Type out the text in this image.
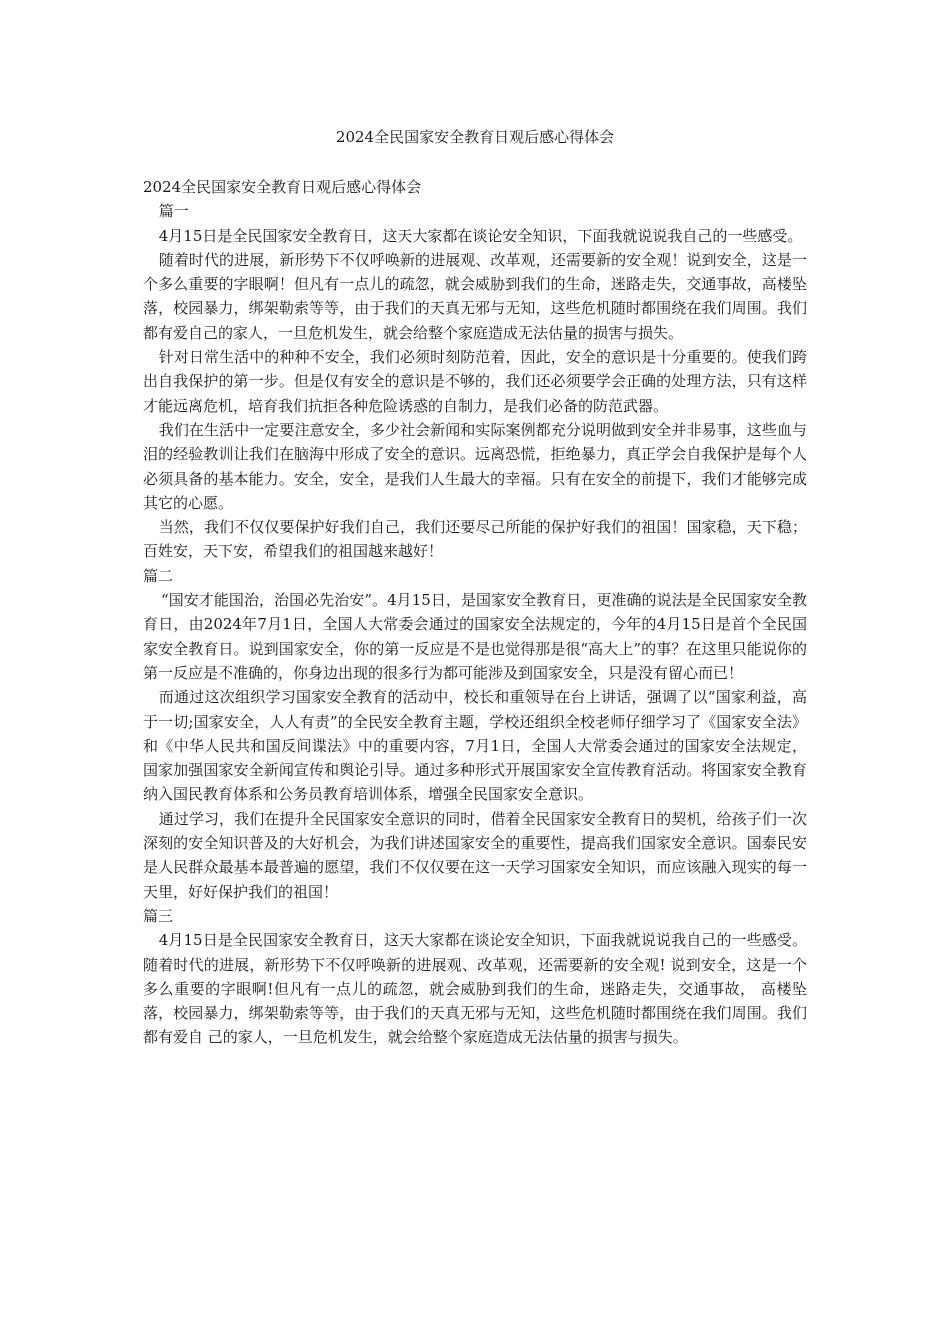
2024全民国家安全教育日观后感心得体会

2024全民国家安全教育日观后感心得体会

篇一

4月15日是全民国家安全教育日，这天大家都在谈论安全知识，下面我就说说我自己的一些感受。

随着时代的进展，新形势下不仅呼唤新的进展观、改革观，还需要新的安全观！说到安全，这是一个多么重要的字眼啊！但凡有一点儿的疏忽，就会威胁到我们的生命，迷路走失，交通事故，高楼坠落，校园暴力，绑架勒索等等，由于我们的天真无邪与无知，这些危机随时都围绕在我们周围。我们都有爱自己的家人，一旦危机发生，就会给整个家庭造成无法估量的损害与损失。

针对日常生活中的种种不安全，我们必须时刻防范着，因此，安全的意识是十分重要的。使我们跨出自我保护的第一步。但是仅有安全的意识是不够的，我们还必须要学会正确的处理方法，只有这样才能远离危机，培育我们抗拒各种危险诱惑的自制力，是我们必备的防范武器。

我们在生活中一定要注意安全，多少社会新闻和实际案例都充分说明做到安全并非易事，这些血与泪的经验教训让我们在脑海中形成了安全的意识。远离恐慌，拒绝暴力，真正学会自我保护是每个人必须具备的基本能力。安全，安全，是我们人生最大的幸福。只有在安全的前提下，我们才能够完成其它的心愿。

当然，我们不仅仅要保护好我们自己，我们还要尽己所能的保护好我们的祖国！国家稳，天下稳；百姓安，天下安，希望我们的祖国越来越好！

篇二

“国安才能国治，治国必先治安”。4月15日，是国家安全教育日，更准确的说法是全民国家安全教育日，由2024年7月1日，全国人大常委会通过的国家安全法规定的，今年的4月15日是首个全民国家安全教育日。说到国家安全，你的第一反应是不是也觉得那是很“高大上”的事？在这里只能说你的第一反应是不准确的，你身边出现的很多行为都可能涉及到国家安全，只是没有留心而已！

而通过这次组织学习国家安全教育的活动中，校长和重领导在台上讲话，强调了以“国家利益，高于一切;国家安全，人人有责”的全民安全教育主题，学校还组织全校老师仔细学习了《国家安全法》和《中华人民共和国反间谍法》中的重要内容，7月1日，全国人大常委会通过的国家安全法规定，国家加强国家安全新闻宣传和舆论引导。通过多种形式开展国家安全宣传教育活动。将国家安全教育纳入国民教育体系和公务员教育培训体系，增强全民国家安全意识。

通过学习，我们在提升全民国家安全意识的同时，借着全民国家安全教育日的契机，给孩子们一次深刻的安全知识普及的大好机会，为我们讲述国家安全的重要性，提高我们国家安全意识。国泰民安是人民群众最基本最普遍的愿望，我们不仅仅要在这一天学习国家安全知识，而应该融入现实的每一天里，好好保护我们的祖国！

篇三

4月15日是全民国家安全教育日，这天大家都在谈论安全知识，下面我就说说我自己的一些感受。 随着时代的进展，新形势下不仅呼唤新的进展观、改革观，还需要新的安全观! 说到安全，这是一个多么重要的字眼啊!但凡有一点儿的疏忽，就会威胁到我们的生命，迷路走失，交通事故， 高楼坠落，校园暴力，绑架勒索等等，由于我们的天真无邪与无知，这些危机随时都围绕在我们周围。我们都有爱自 己的家人，一旦危机发生，就会给整个家庭造成无法估量的损害与损失。
